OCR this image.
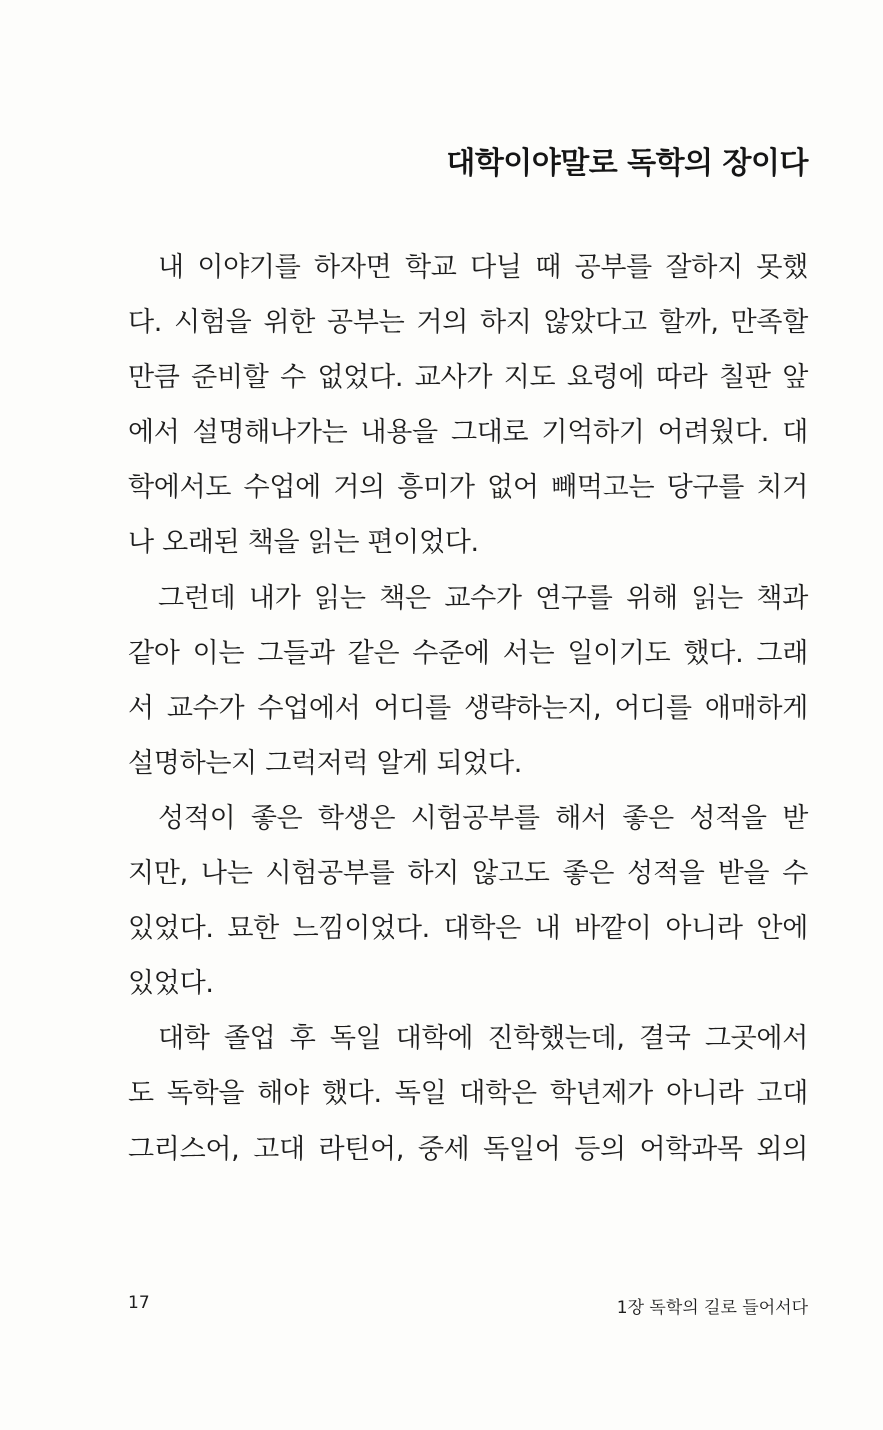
대학이야말로 독학의 장이다
내 이야기를 하자면 학교 다닐 때 공부를 잘하지 못했
다. 시험을 위한 공부는 거의 하지 않았다고 할까, 만족할
만큼 준비할 수 없었다. 교사가 지도 요령에 따라 칠판 앞
에서 설명해나가는 내용을 그대로 기억하기 어려웠다. 대
학에서도 수업에 거의 흥미가 없어 빼먹고는 당구를 치거
나 오래된 책을 읽는 편이었다.
그런데 내가 읽는 책은 교수가 연구를 위해 읽는 책과
같아 이는 그들과 같은 수준에 서는 일이기도 했다. 그래
서 교수가 수업에서 어디를 생략하는지, 어디를 애매하게
설명하는지 그럭저럭 알게 되었다.
성적이 좋은 학생은 시험공부를 해서 좋은 성적을 받
지만, 나는 시험공부를 하지 않고도 좋은 성적을 받을 수
있었다. 묘한 느낌이었다. 대학은 내 바깥이 아니라 안에
있었다.
대학 졸업 후 독일 대학에 진학했는데, 결국 그곳에서
도 독학을 해야 했다. 독일 대학은 학년제가 아니라 고대
그리스어, 고대 라틴어, 중세 독일어 등의 어학과목 외의
17	1장 독학의 길로 들어서다
